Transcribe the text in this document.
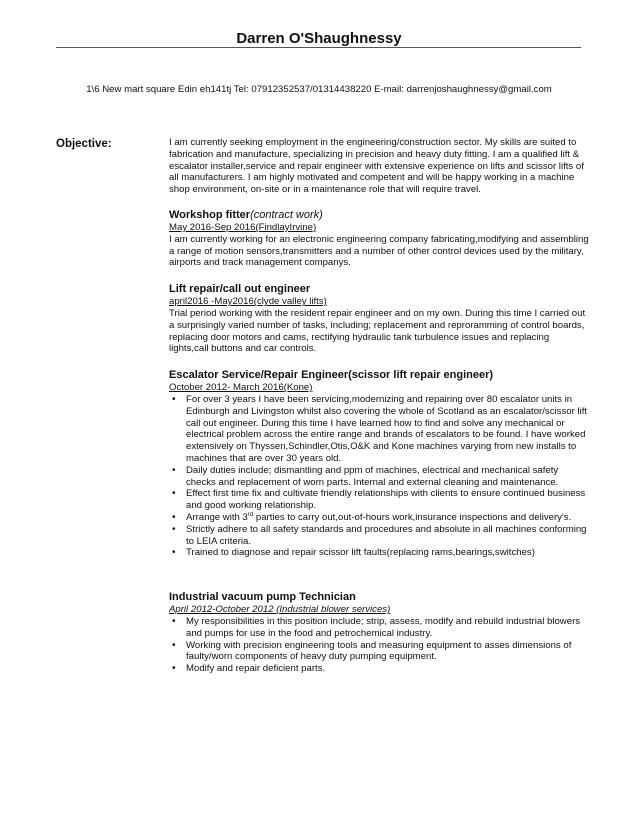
Darren O'Shaughnessy
1\6 New mart square Edin eh141tj Tel: 07912352537/01314438220 E-mail: darrenjoshaughnessy@gmail.com
Objective:	I am currently seeking employment in the engineering/construction sector. My skills are suited to fabrication and manufacture, specializing in precision and heavy duty fitting. I am a qualified lift & escalator installer,service and repair engineer with extensive experience on lifts and scissor lifts of all manufacturers. I am highly motivated and competent and will be happy working in a machine shop environment, on-site or in a maintenance role that will require travel.

Workshop fitter(contract work)
May 2016-Sep 2016(FindlayIrvine)

I am currently working for an electronic engineering company fabricating,modifying and assembling a range of motion sensors,transmitters and a number of other control devices used by the military, airports and track management companys.

Lift repair/call out engineer
april2016 -May2016(clyde valley lifts)

Trial period working with the resident repair engineer and on my own. During this time I carried out a surprisingly varied number of tasks, including; replacement and reproramming of control boards, replacing door motors and cams, rectifying hydraulic tank turbulence issues and replacing lights,call buttons and car controls.

Escalator Service/Repair Engineer(scissor lift repair engineer)
October 2012- March 2016(Kone)
• For over 3 years I have been servicing,modernizing and repairing over 80 escalator units in Edinburgh and Livingston whilst also covering the whole of Scotland as an escalator/scissor lift call out engineer. During this time I have learned how to find and solve any mechanical or electrical problem across the entire range and brands of escalators to be found. I have worked extensively on Thyssen,Schindler,Otis,O&K and Kone machines varying from new installs to machines that are over 30 years old.
• Daily duties include; dismantling and ppm of machines, electrical and mechanical safety checks and replacement of worn parts. Internal and external cleaning and maintenance.
• Effect first time fix and cultivate friendly relationships with clients to ensure continued business and good working relationship.
• Arrange with 3rd parties to carry out,out-of-hours work,insurance inspections and delivery's.
• Strictly adhere to all safety standards and procedures and absolute in all machines conforming to LEIA criteria.
• Trained to diagnose and repair scissor lift faults(replacing rams,bearings,switches)
Industrial vacuum pump Technician
April 2012-October 2012 (Industrial blower services)
• My responsibilities in this position include; strip, assess, modify and rebuild industrial blowers and pumps for use in the food and petrochemical industry.
• Working with precision engineering tools and measuring equipment to asses dimensions of faulty/worn components of heavy duty pumping equipment.
• Modify and repair deficient parts.
